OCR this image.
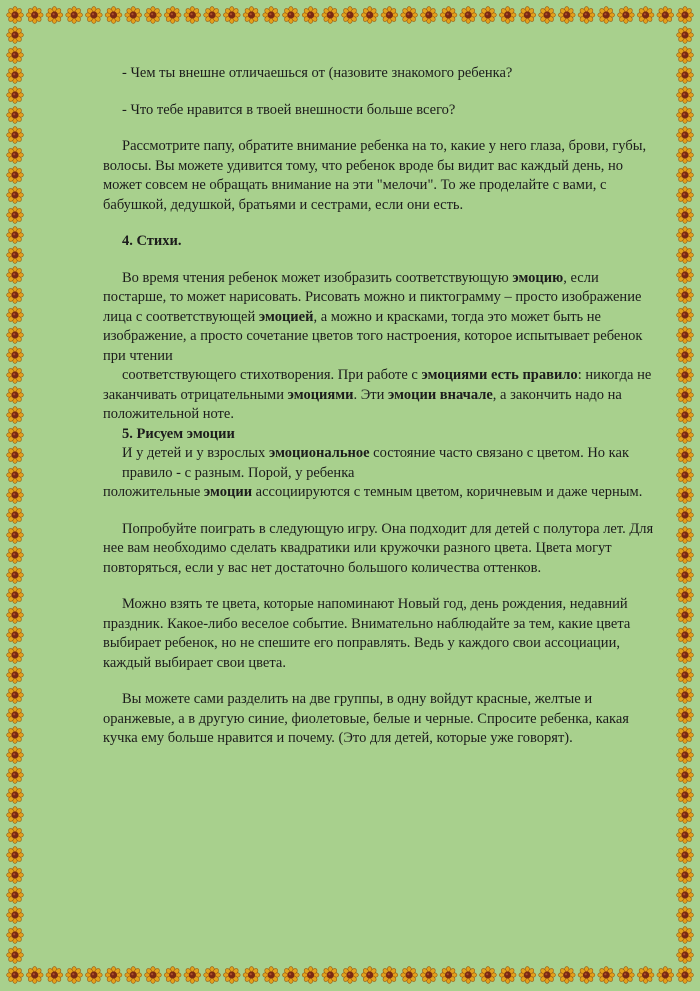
- Чем ты внешне отличаешься от (назовите знакомого ребенка?

- Что тебе нравится в твоей внешности больше всего?

Рассмотрите папу, обратите внимание ребенка на то, какие у него глаза, брови, губы, волосы. Вы можете удивится тому, что ребенок вроде бы видит вас каждый день, но может совсем не обращать внимание на эти "мелочи". То же проделайте с вами, с бабушкой, дедушкой, братьями и сестрами, если они есть.

4. Стихи.

Во время чтения ребенок может изобразить соответствующую эмоцию, если постарше, то может нарисовать. Рисовать можно и пиктограмму – просто изображение лица с соответствующей эмоцией, а можно и красками, тогда это может быть не изображение, а просто сочетание цветов того настроения, которое испытывает ребенок при чтении

соответствующего стихотворения. При работе с эмоциями есть правило: никогда не заканчивать отрицательными эмоциями. Эти эмоции вначале, а закончить надо на положительной ноте.

5. Рисуем эмоции

И у детей и у взрослых эмоциональное состояние часто связано с цветом. Но как

правило - с разным. Порой, у ребенка

положительные эмоции ассоциируются с темным цветом, коричневым и даже черным.

Попробуйте поиграть в следующую игру. Она подходит для детей с полутора лет. Для нее вам необходимо сделать квадратики или кружочки разного цвета. Цвета могут повторяться, если у вас нет достаточно большого количества оттенков.

Можно взять те цвета, которые напоминают Новый год, день рождения, недавний праздник. Какое-либо веселое событие. Внимательно наблюдайте за тем, какие цвета выбирает ребенок, но не спешите его поправлять. Ведь у каждого свои ассоциации, каждый выбирает свои цвета.

Вы можете сами разделить на две группы, в одну войдут красные, желтые и оранжевые, а в другую синие, фиолетовые, белые и черные. Спросите ребенка, какая кучка ему больше нравится и почему. (Это для детей, которые уже говорят).
